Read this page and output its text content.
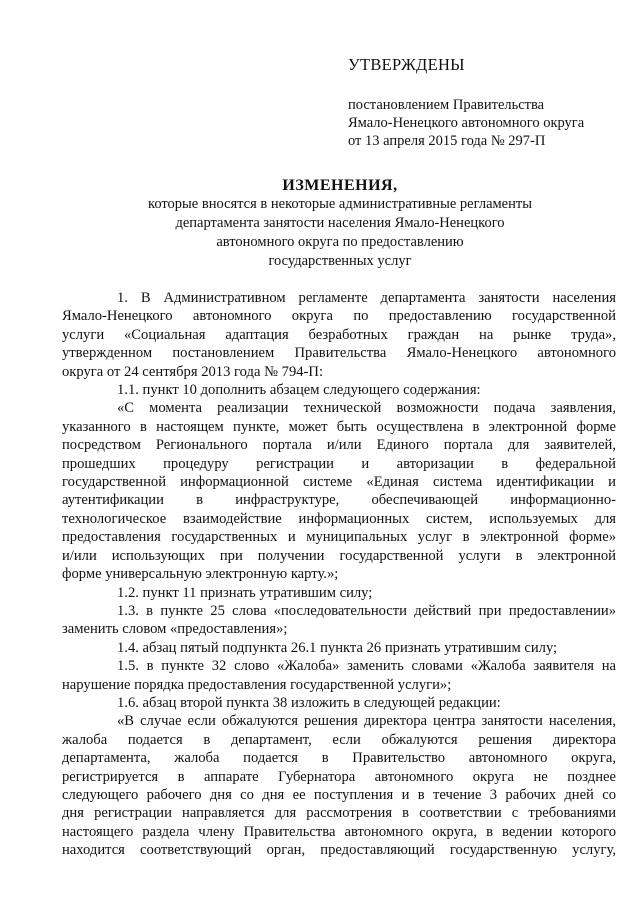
УТВЕРЖДЕНЫ
постановлением Правительства
Ямало-Ненецкого автономного округа
от 13 апреля 2015 года № 297-П
ИЗМЕНЕНИЯ,
которые вносятся в некоторые административные регламенты
департамента занятости населения Ямало-Ненецкого
автономного округа по предоставлению
государственных услуг
1. В Административном регламенте департамента занятости населения
Ямало-Ненецкого автономного округа по предоставлению государственной
услуги «Социальная адаптация безработных граждан на рынке труда»,
утвержденном постановлением Правительства Ямало-Ненецкого автономного
округа от 24 сентября 2013 года № 794-П:
1.1. пункт 10 дополнить абзацем следующего содержания:
«С момента реализации технической возможности подача заявления,
указанного в настоящем пункте, может быть осуществлена в электронной форме
посредством Регионального портала и/или Единого портала для заявителей,
прошедших процедуру регистрации и авторизации в федеральной
государственной информационной системе «Единая система идентификации и
аутентификации в инфраструктуре, обеспечивающей информационно-
технологическое взаимодействие информационных систем, используемых для
предоставления государственных и муниципальных услуг в электронной форме»
и/или использующих при получении государственной услуги в электронной
форме универсальную электронную карту.»;
1.2. пункт 11 признать утратившим силу;
1.3. в пункте 25 слова «последовательности действий при предоставлении»
заменить словом «предоставления»;
1.4. абзац пятый подпункта 26.1 пункта 26 признать утратившим силу;
1.5. в пункте 32 слово «Жалоба» заменить словами «Жалоба заявителя на
нарушение порядка предоставления государственной услуги»;
1.6. абзац второй пункта 38 изложить в следующей редакции:
«В случае если обжалуются решения директора центра занятости населения,
жалоба подается в департамент, если обжалуются решения директора
департамента, жалоба подается в Правительство автономного округа,
регистрируется в аппарате Губернатора автономного округа не позднее
следующего рабочего дня со дня ее поступления и в течение 3 рабочих дней со
дня регистрации направляется для рассмотрения в соответствии с требованиями
настоящего раздела члену Правительства автономного округа, в ведении которого
находится соответствующий орган, предоставляющий государственную услугу,
